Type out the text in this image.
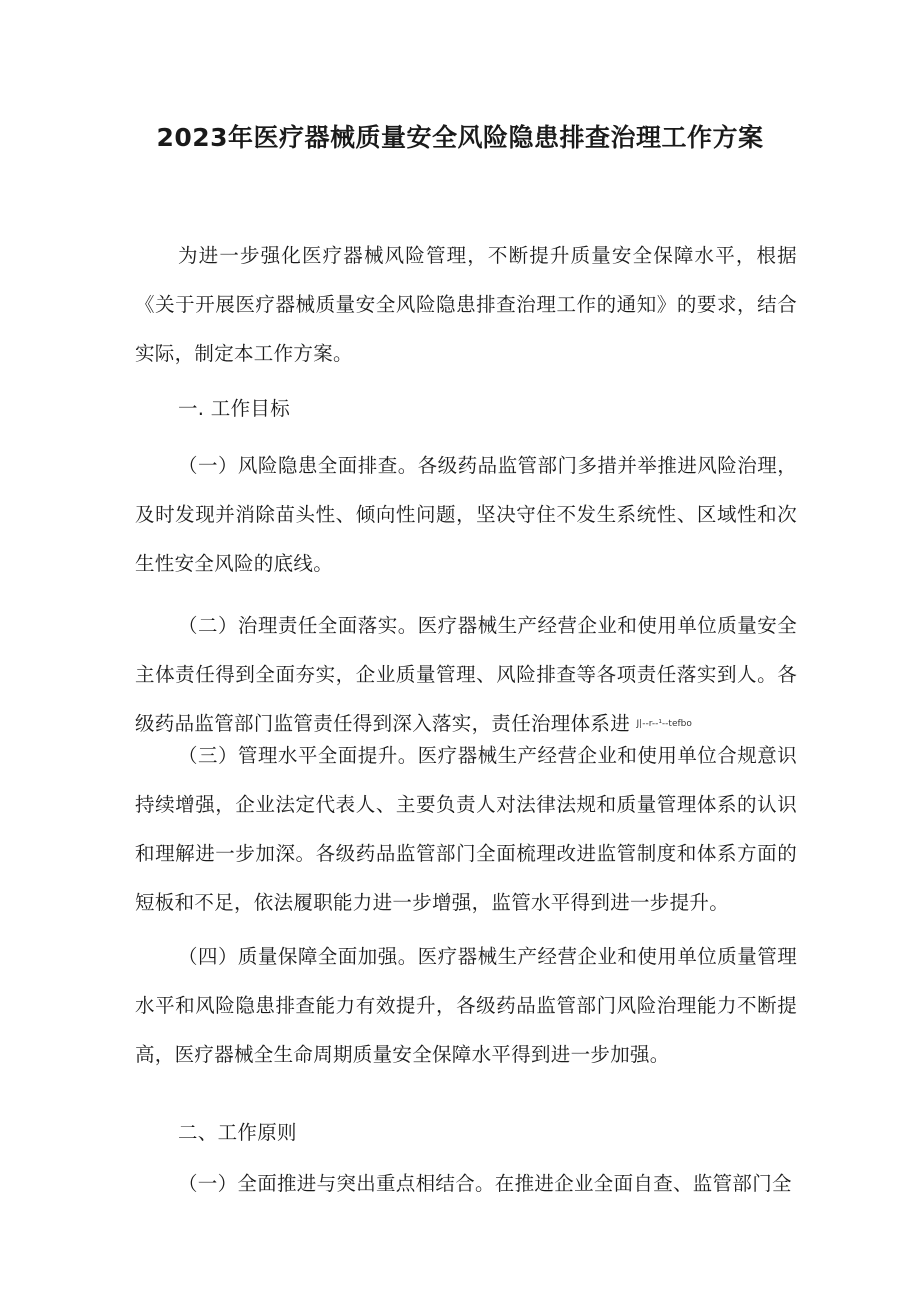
2023年医疗器械质量安全风险隐患排查治理工作方案

为进一步强化医疗器械风险管理，不断提升质量安全保障水平，根据《关于开展医疗器械质量安全风险隐患排查治理工作的通知》的要求，结合实际，制定本工作方案。

一. 工作目标

（一）风险隐患全面排查。各级药品监管部门多措并举推进风险治理，及时发现并消除苗头性、倾向性问题，坚决守住不发生系统性、区域性和次生性安全风险的底线。

（二）治理责任全面落实。医疗器械生产经营企业和使用单位质量安全主体责任得到全面夯实，企业质量管理、风险排查等各项责任落实到人。各级药品监管部门监管责任得到深入落实，责任治理体系进 J|--r--¹--tefbo

（三）管理水平全面提升。医疗器械生产经营企业和使用单位合规意识持续增强，企业法定代表人、主要负责人对法律法规和质量管理体系的认识和理解进一步加深。各级药品监管部门全面梳理改进监管制度和体系方面的短板和不足，依法履职能力进一步增强，监管水平得到进一步提升。

（四）质量保障全面加强。医疗器械生产经营企业和使用单位质量管理水平和风险隐患排查能力有效提升，各级药品监管部门风险治理能力不断提高，医疗器械全生命周期质量安全保障水平得到进一步加强。

二、工作原则

（一）全面推进与突出重点相结合。在推进企业全面自查、监管部门全
